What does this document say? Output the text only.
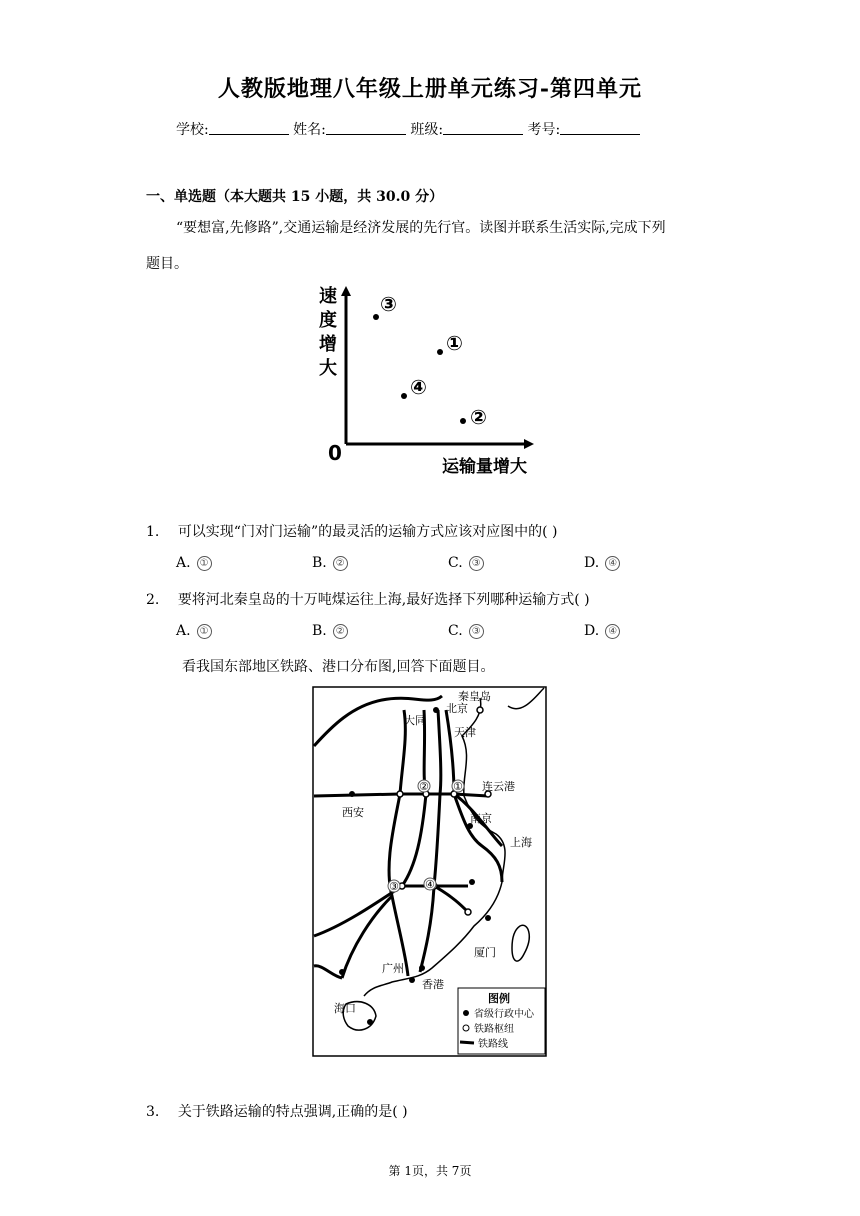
人教版地理八年级上册单元练习-第四单元
学校:	姓名:	班级:	考号:
一、单选题（本大题共 15 小题，共 30.0 分）
“要想富,先修路”,交通运输是经济发展的先行官。读图并联系生活实际,完成下列
题目。
速
度
增
大
0
运输量增大
③
①
④
②
1. 可以实现“门对门运输”的最灵活的运输方式应该对应图中的( )
A. ①	B. ②	C. ③	D. ④
2. 要将河北秦皇岛的十万吨煤运往上海,最好选择下列哪种运输方式( )
A. ①	B. ②	C. ③	D. ④
看我国东部地区铁路、港口分布图,回答下面题目。
秦皇岛
北京
大同
天津
连云港
西安	南京
上海
厦门
广州
香港
海口
② ①
③ ④
图例
省级行政中心
铁路枢纽
铁路线
3. 关于铁路运输的特点强调,正确的是( )
第 1页，共 7页
